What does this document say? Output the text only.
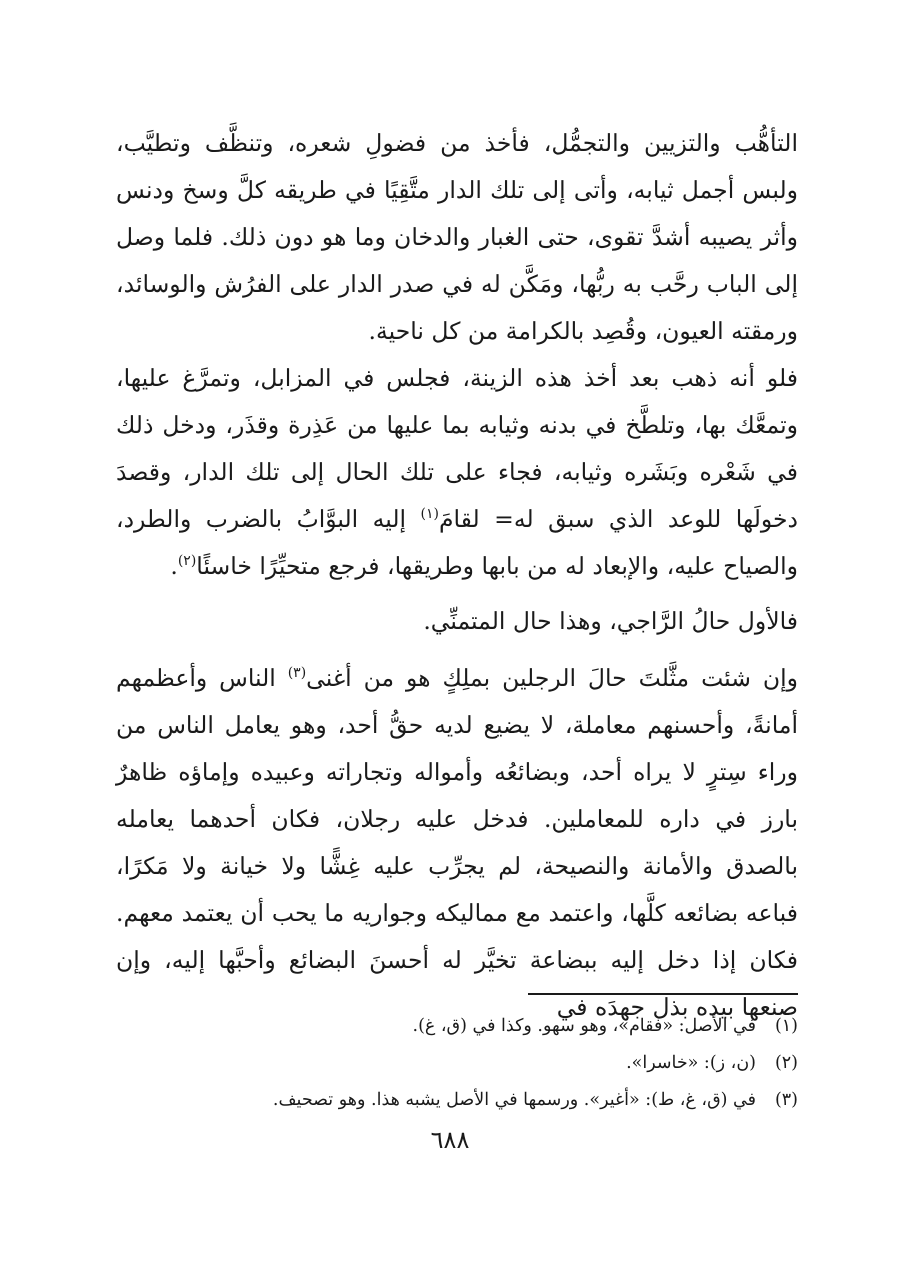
التأهُّب والتزيين والتجمُّل، فأخذ من فضولِ شعره، وتنظَّف وتطيَّب، ولبس أجمل ثيابه، وأتى إلى تلك الدار متَّقِيًا في طريقه كلَّ وسخ ودنس وأثر يصيبه أشدَّ تقوى، حتى الغبار والدخان وما هو دون ذلك. فلما وصل إلى الباب رحَّب به ربُّها، ومَكَّن له في صدر الدار على الفرُش والوسائد، ورمقته العيون، وقُصِد بالكرامة من كل ناحية.

فلو أنه ذهب بعد أخذ هذه الزينة، فجلس في المزابل، وتمرَّغ عليها، وتمعَّك بها، وتلطَّخ في بدنه وثيابه بما عليها من عَذِرة وقذَر، ودخل ذلك في شَعْره وبَشَره وثيابه، فجاء على تلك الحال إلى تلك الدار، وقصدَ دخولَها للوعد الذي سبق له= لقامَ$^{(١)}$ إليه البوَّابُ بالضرب والطرد، والصياح عليه، والإبعاد له من بابها وطريقها، فرجع متحيِّرًا خاسئًا$^{(٢)}$.

فالأول حالُ الرَّاجي، وهذا حال المتمنِّي.

وإن شئت مثَّلتَ حالَ الرجلين بملِكٍ هو من أغنى$^{(٣)}$ الناس وأعظمهم أمانةً، وأحسنهم معاملة، لا يضيع لديه حقُّ أحد، وهو يعامل الناس من وراء سِترٍ لا يراه أحد، وبضائعُه وأمواله وتجاراته وعبيده وإماؤه ظاهرٌ بارز في داره للمعاملين. فدخل عليه رجلان، فكان أحدهما يعامله بالصدق والأمانة والنصيحة، لم يجرِّب عليه غِشًّا ولا خيانة ولا مَكرًا، فباعه بضائعه كلَّها، واعتمد مع مماليكه وجواريه ما يحب أن يعتمد معهم. فكان إذا دخل إليه ببضاعة تخيَّر له أحسنَ البضائع وأحبَّها إليه، وإن صنعها بيده بذل جهدَه في

(١)في الأصل: «فقام»، وهو سهو. وكذا في (ق، غ).
(٢)(ن، ز): «خاسرا».
(٣)في (ق، غ، ط): «أغير». ورسمها في الأصل يشبه هذا. وهو تصحيف.
٦٨٨
